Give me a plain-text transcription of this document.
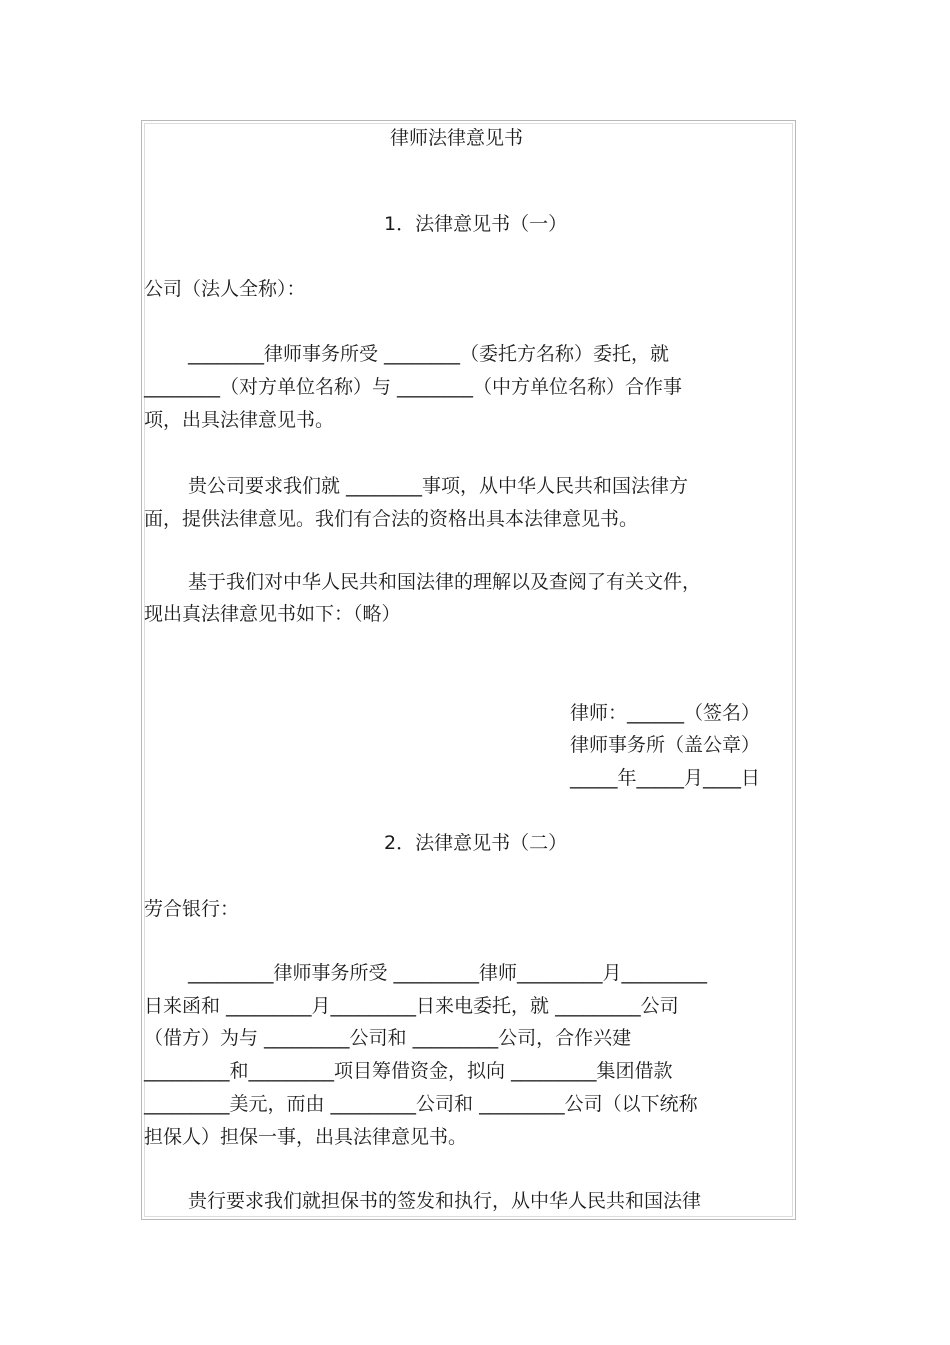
律师法律意见书
1．法律意见书（一）
公司（法人全称）：
________律师事务所受 ________（委托方名称）委托，就
________（对方单位名称）与 ________（中方单位名称）合作事
项，出具法律意见书。
贵公司要求我们就 ________事项，从中华人民共和国法律方
面，提供法律意见。我们有合法的资格出具本法律意见书。
基于我们对中华人民共和国法律的理解以及查阅了有关文件，
现出真法律意见书如下：（略）
律师：______（签名）
律师事务所（盖公章）
_____年_____月____日
2．法律意见书（二）
劳合银行：
_________律师事务所受 _________律师_________月_________
日来函和 _________月_________日来电委托，就 _________公司
（借方）为与 _________公司和 _________公司，合作兴建
_________和_________项目筹借资金，拟向 _________集团借款
_________美元，而由 _________公司和 _________公司（以下统称
担保人）担保一事，出具法律意见书。
贵行要求我们就担保书的签发和执行，从中华人民共和国法律
